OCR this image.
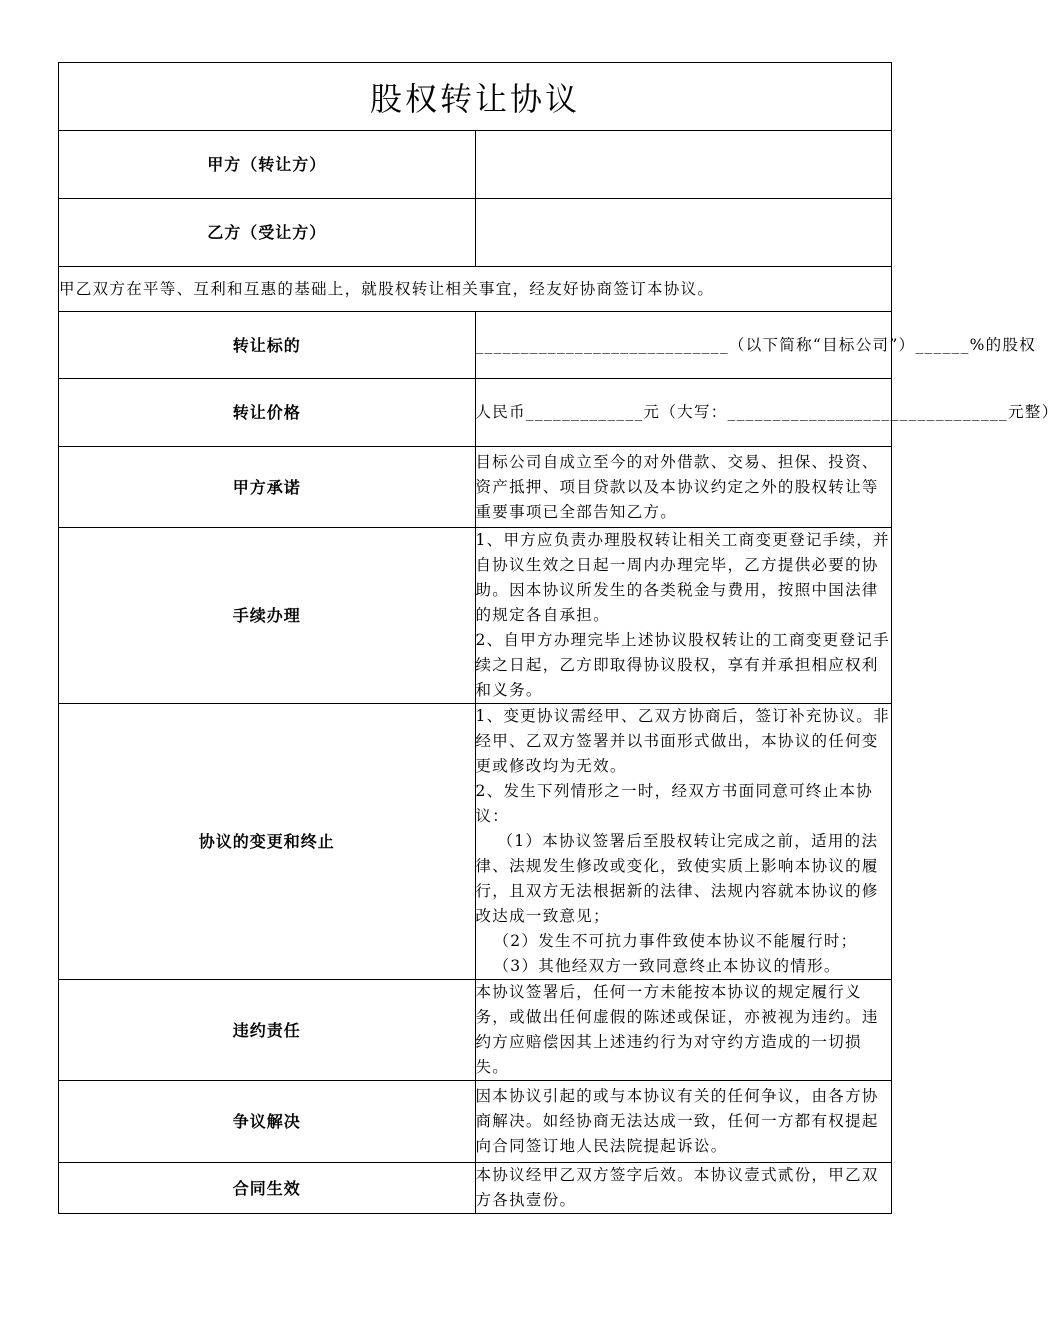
股权转让协议	
甲方（转让方）	
乙方（受让方）	
甲乙双方在平等、互利和互惠的基础上，就股权转让相关事宜，经友好协商签订本协议。	
转让标的	____________________________（以下简称“目标公司”）______%的股权

转让价格	人民币_____________元（大写：_______________________________元整）

甲方承诺	目标公司自成立至今的对外借款、交易、担保、投资、资产抵押、项目贷款以及本协议约定之外的股权转让等重要事项已全部告知乙方。

手续办理	1、甲方应负责办理股权转让相关工商变更登记手续，并自协议生效之日起一周内办理完毕，乙方提供必要的协助。因本协议所发生的各类税金与费用，按照中国法律的规定各自承担。
2、自甲方办理完毕上述协议股权转让的工商变更登记手续之日起，乙方即取得协议股权，享有并承担相应权利和义务。

协议的变更和终止	1、变更协议需经甲、乙双方协商后，签订补充协议。非经甲、乙双方签署并以书面形式做出，本协议的任何变更或修改均为无效。
2、发生下列情形之一时，经双方书面同意可终止本协议：
（1）本协议签署后至股权转让完成之前，适用的法律、法规发生修改或变化，致使实质上影响本协议的履行，且双方无法根据新的法律、法规内容就本协议的修改达成一致意见；
（2）发生不可抗力事件致使本协议不能履行时；
（3）其他经双方一致同意终止本协议的情形。

违约责任	本协议签署后，任何一方未能按本协议的规定履行义务，或做出任何虚假的陈述或保证，亦被视为违约。违约方应赔偿因其上述违约行为对守约方造成的一切损失。

争议解决	因本协议引起的或与本协议有关的任何争议，由各方协商解决。如经协商无法达成一致，任何一方都有权提起向合同签订地人民法院提起诉讼。

合同生效	本协议经甲乙双方签字后效。本协议壹式贰份，甲乙双方各执壹份。
